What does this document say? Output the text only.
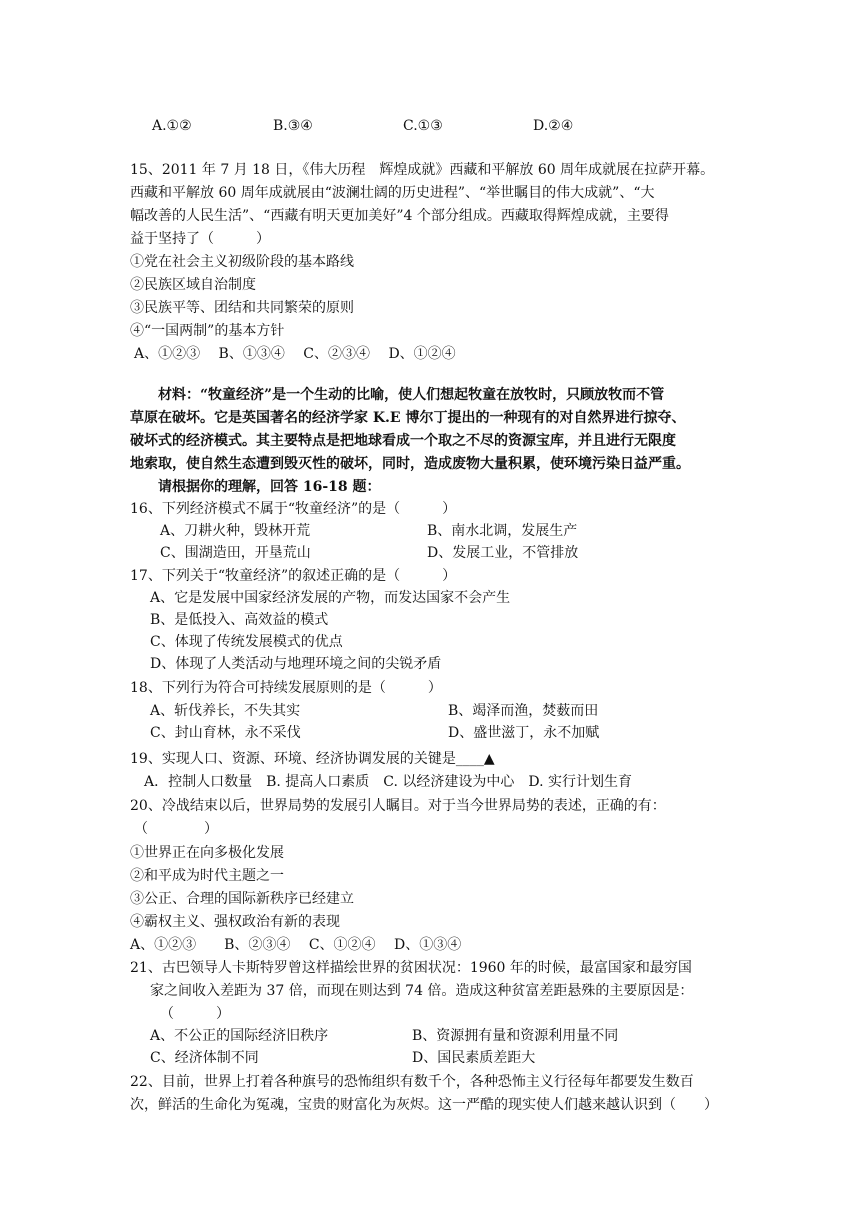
A.①②	B.③④	C.①③	D.②④
15、2011 年 7 月 18 日，《伟大历程　辉煌成就》西藏和平解放 60 周年成就展在拉萨开幕。
西藏和平解放 60 周年成就展由“波澜壮阔的历史进程”、“举世瞩目的伟大成就”、“大
幅改善的人民生活”、“西藏有明天更加美好”4 个部分组成。西藏取得辉煌成就，主要得
益于坚持了（　　　）
①党在社会主义初级阶段的基本路线
②民族区域自治制度
③民族平等、团结和共同繁荣的原则
④“一国两制”的基本方针
A、①②③　 B、①③④　 C、②③④　 D、①②④
　　材料：“牧童经济”是一个生动的比喻，使人们想起牧童在放牧时，只顾放牧而不管
草原在破坏。它是英国著名的经济学家 K.E 博尔丁提出的一种现有的对自然界进行掠夺、
破坏式的经济模式。其主要特点是把地球看成一个取之不尽的资源宝库，并且进行无限度
地索取，使自然生态遭到毁灭性的破坏，同时，造成废物大量积累，使环境污染日益严重。
　　请根据你的理解，回答 16-18 题：
16、下列经济模式不属于“牧童经济”的是（　　　）
A、刀耕火种，毁林开荒	B、南水北调，发展生产
C、围湖造田，开垦荒山	D、发展工业，不管排放
17、下列关于“牧童经济”的叙述正确的是（　　　）
A、它是发展中国家经济发展的产物，而发达国家不会产生
B、是低投入、高效益的模式
C、体现了传统发展模式的优点
D、体现了人类活动与地理环境之间的尖锐矛盾
18、下列行为符合可持续发展原则的是（　　　）
A、斩伐养长，不失其实	B、竭泽而渔，焚薮而田
C、封山育林，永不采伐	D、盛世滋丁，永不加赋
19、实现人口、资源、环境、经济协调发展的关键是____▲
A．控制人口数量　B. 提高人口素质　C. 以经济建设为中心　D. 实行计划生育
20、冷战结束以后，世界局势的发展引人瞩目。对于当今世界局势的表述，正确的有：
（　　　　）
①世界正在向多极化发展
②和平成为时代主题之一
③公正、合理的国际新秩序已经建立
④霸权主义、强权政治有新的表现
A、①②③　　B、②③④　 C、①②④　 D、①③④
21、古巴领导人卡斯特罗曾这样描绘世界的贫困状况：1960 年的时候，最富国家和最穷国
家之间收入差距为 37 倍，而现在则达到 74 倍。造成这种贫富差距悬殊的主要原因是：
（　　　）
A、不公正的国际经济旧秩序	B、资源拥有量和资源利用量不同
C、经济体制不同	D、国民素质差距大
22、目前，世界上打着各种旗号的恐怖组织有数千个，各种恐怖主义行径每年都要发生数百
次，鲜活的生命化为冤魂，宝贵的财富化为灰烬。这一严酷的现实使人们越来越认识到（　　）
